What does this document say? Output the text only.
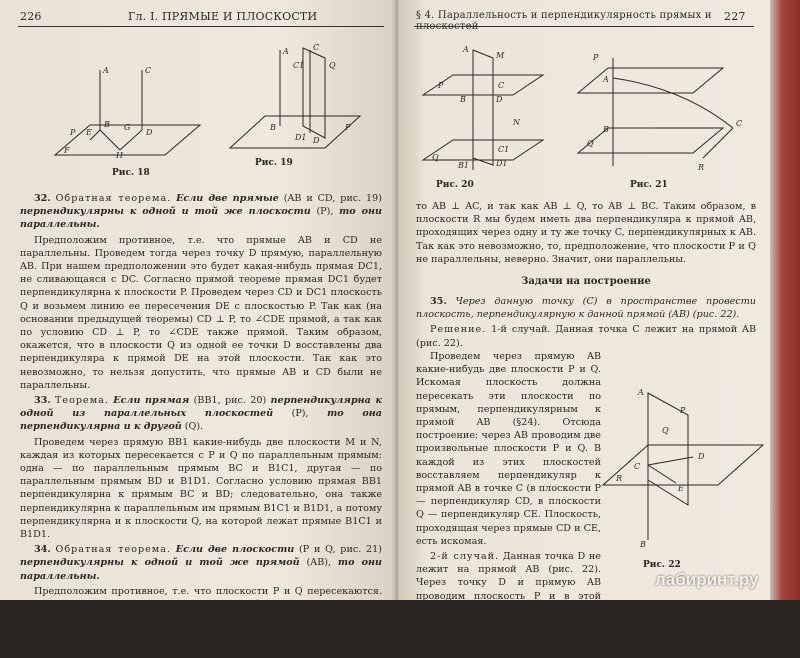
226	Гл. I. ПРЯМЫЕ И ПЛОСКОСТИ
A	C
P E
B G
D
F
H
Рис. 18
A
B
C
C1
D
D1
Q
P
Рис. 19

32. Обратная теорема. Если две прямые (AB и CD, рис. 19) перпендикулярны к одной и той же плоскости (P), то они параллельны.

Предположим противное, т.е. что прямые AB и CD не параллельны. Проведем тогда через точку D прямую, параллельную AB. При нашем предположении это будет какая-нибудь прямая DC1, не сливающаяся с DC. Согласно прямой теореме прямая DC1 будет перпендикулярна к плоскости P. Проведем через CD и DC1 плоскость Q и возьмем линию ее пересечения DE с плоскостью P. Так как (на основании предыдущей теоремы) CD ⊥ P, то ∠CDE прямой, а так как по условию CD ⊥ P, то ∠CDE также прямой. Таким образом, окажется, что в плоскости Q из одной ее точки D восставлены два перпендикуляра к прямой DE на этой плоскости. Так как это невозможно, то нельзя допустить, что прямые AB и CD были не параллельны.

33. Теорема. Если прямая (BB1, рис. 20) перпендикулярна к одной из параллельных плоскостей (P), то она перпендикулярна и к другой (Q).

Проведем через прямую BB1 какие-нибудь две плоскости M и N, каждая из которых пересекается с P и Q по параллельным прямым: одна — по параллельным прямым BC и B1C1, другая — по параллельным прямым BD и B1D1. Согласно условию прямая BB1 перпендикулярна к прямым BC и BD; следовательно, она также перпендикулярна к параллельным им прямым B1C1 и B1D1, а потому перпендикулярна и к плоскости Q, на которой лежат прямые B1C1 и B1D1.

34. Обратная теорема. Если две плоскости (P и Q, рис. 21) перпендикулярны к одной и той же прямой (AB), то они параллельны.

Предположим противное, т.е. что плоскости P и Q пересекаются. Возьмем на линии их пересечения какую-нибудь точку C и проведем плоскость R через C и прямую AB. Плоскость R пересечет плоскости P и Q соответственно по прямым AC и BC. Так как AB ⊥ P,

§ 4. Параллельность и перпендикулярность прямых и	227
A
M
P
B
C
D
N
Q
B1
C1
D1
Рис. 20
P
A
Q
B
C
R
Рис. 21

то AB ⊥ AC, и так как AB ⊥ Q, то AB ⊥ BC. Таким образом, в плоскости R мы будем иметь два перпендикуляра к прямой AB, проходящих через одну и ту же точку C, перпендикулярных к AB. Так как это невозможно, то, предположение, что плоскости P и Q не параллельны, неверно. Значит, они параллельны.

Задачи на построение

35. Через данную точку (C) в пространстве провести плоскость, перпендикулярную к данной прямой (AB) (рис. 22).

Решение. 1-й случай. Данная точка C лежит на прямой AB (рис. 22).

Проведем через прямую AB какие-нибудь две плоскости P и Q. Искомая плоскость должна пересекать эти плоскости по прямым, перпендикулярным к прямой AB (§24). Отсюда построение: через AB проводим две произвольные плоскости P и Q. В каждой из этих плоскостей восставляем перпендикуляр к прямой AB в точке C (в плоскости P — перпендикуляр CD, в плоскости Q — перпендикуляр CE. Плоскость, проходящая через прямые CD и CE, есть искомая.

2-й случай. Данная точка D не лежит на прямой AB (рис. 22). Через точку D и прямую AB проводим плоскость P и в этой плоскости строим прямую DC, перпендикулярную к AB. Через прямую AB проводим произвольно вторую

A
P
Q
D
C
E
R
B
Рис. 22
лабиринт.ру
